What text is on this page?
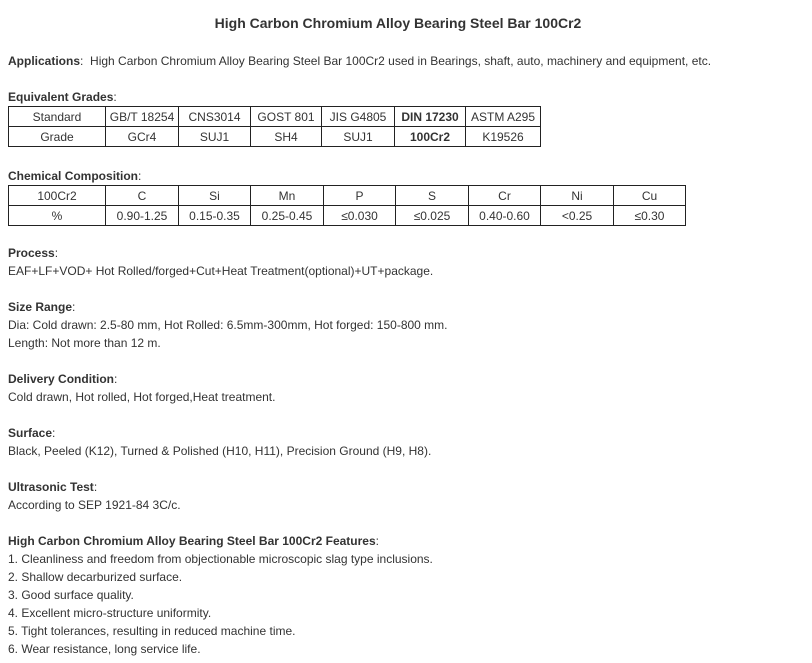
High Carbon Chromium Alloy Bearing Steel Bar 100Cr2
Applications:  High Carbon Chromium Alloy Bearing Steel Bar 100Cr2 used in Bearings, shaft, auto, machinery and equipment, etc.
Equivalent Grades:
Standard	GB/T 18254	CNS3014	GOST 801	JIS G4805	DIN 17230	ASTM A295
Grade	GCr4	SUJ1	SH4	SUJ1	100Cr2	K19526
Chemical Composition:
100Cr2	C	Si	Mn	P	S	Cr	Ni	Cu
%	0.90-1.25	0.15-0.35	0.25-0.45	≤0.030	≤0.025	0.40-0.60	<0.25	≤0.30
Process:
EAF+LF+VOD+ Hot Rolled/forged+Cut+Heat Treatment(optional)+UT+package.
Size Range:
Dia: Cold drawn: 2.5-80 mm, Hot Rolled: 6.5mm-300mm, Hot forged: 150-800 mm.
Length: Not more than 12 m.
Delivery Condition:
Cold drawn, Hot rolled, Hot forged,Heat treatment.
Surface:
Black, Peeled (K12), Turned & Polished (H10, H11), Precision Ground (H9, H8).
Ultrasonic Test:
According to SEP 1921-84 3C/c.
High Carbon Chromium Alloy Bearing Steel Bar 100Cr2 Features:
1. Cleanliness and freedom from objectionable microscopic slag type inclusions.
2. Shallow decarburized surface.
3. Good surface quality.
4. Excellent micro-structure uniformity.
5. Tight tolerances, resulting in reduced machine time.
6. Wear resistance, long service life.
